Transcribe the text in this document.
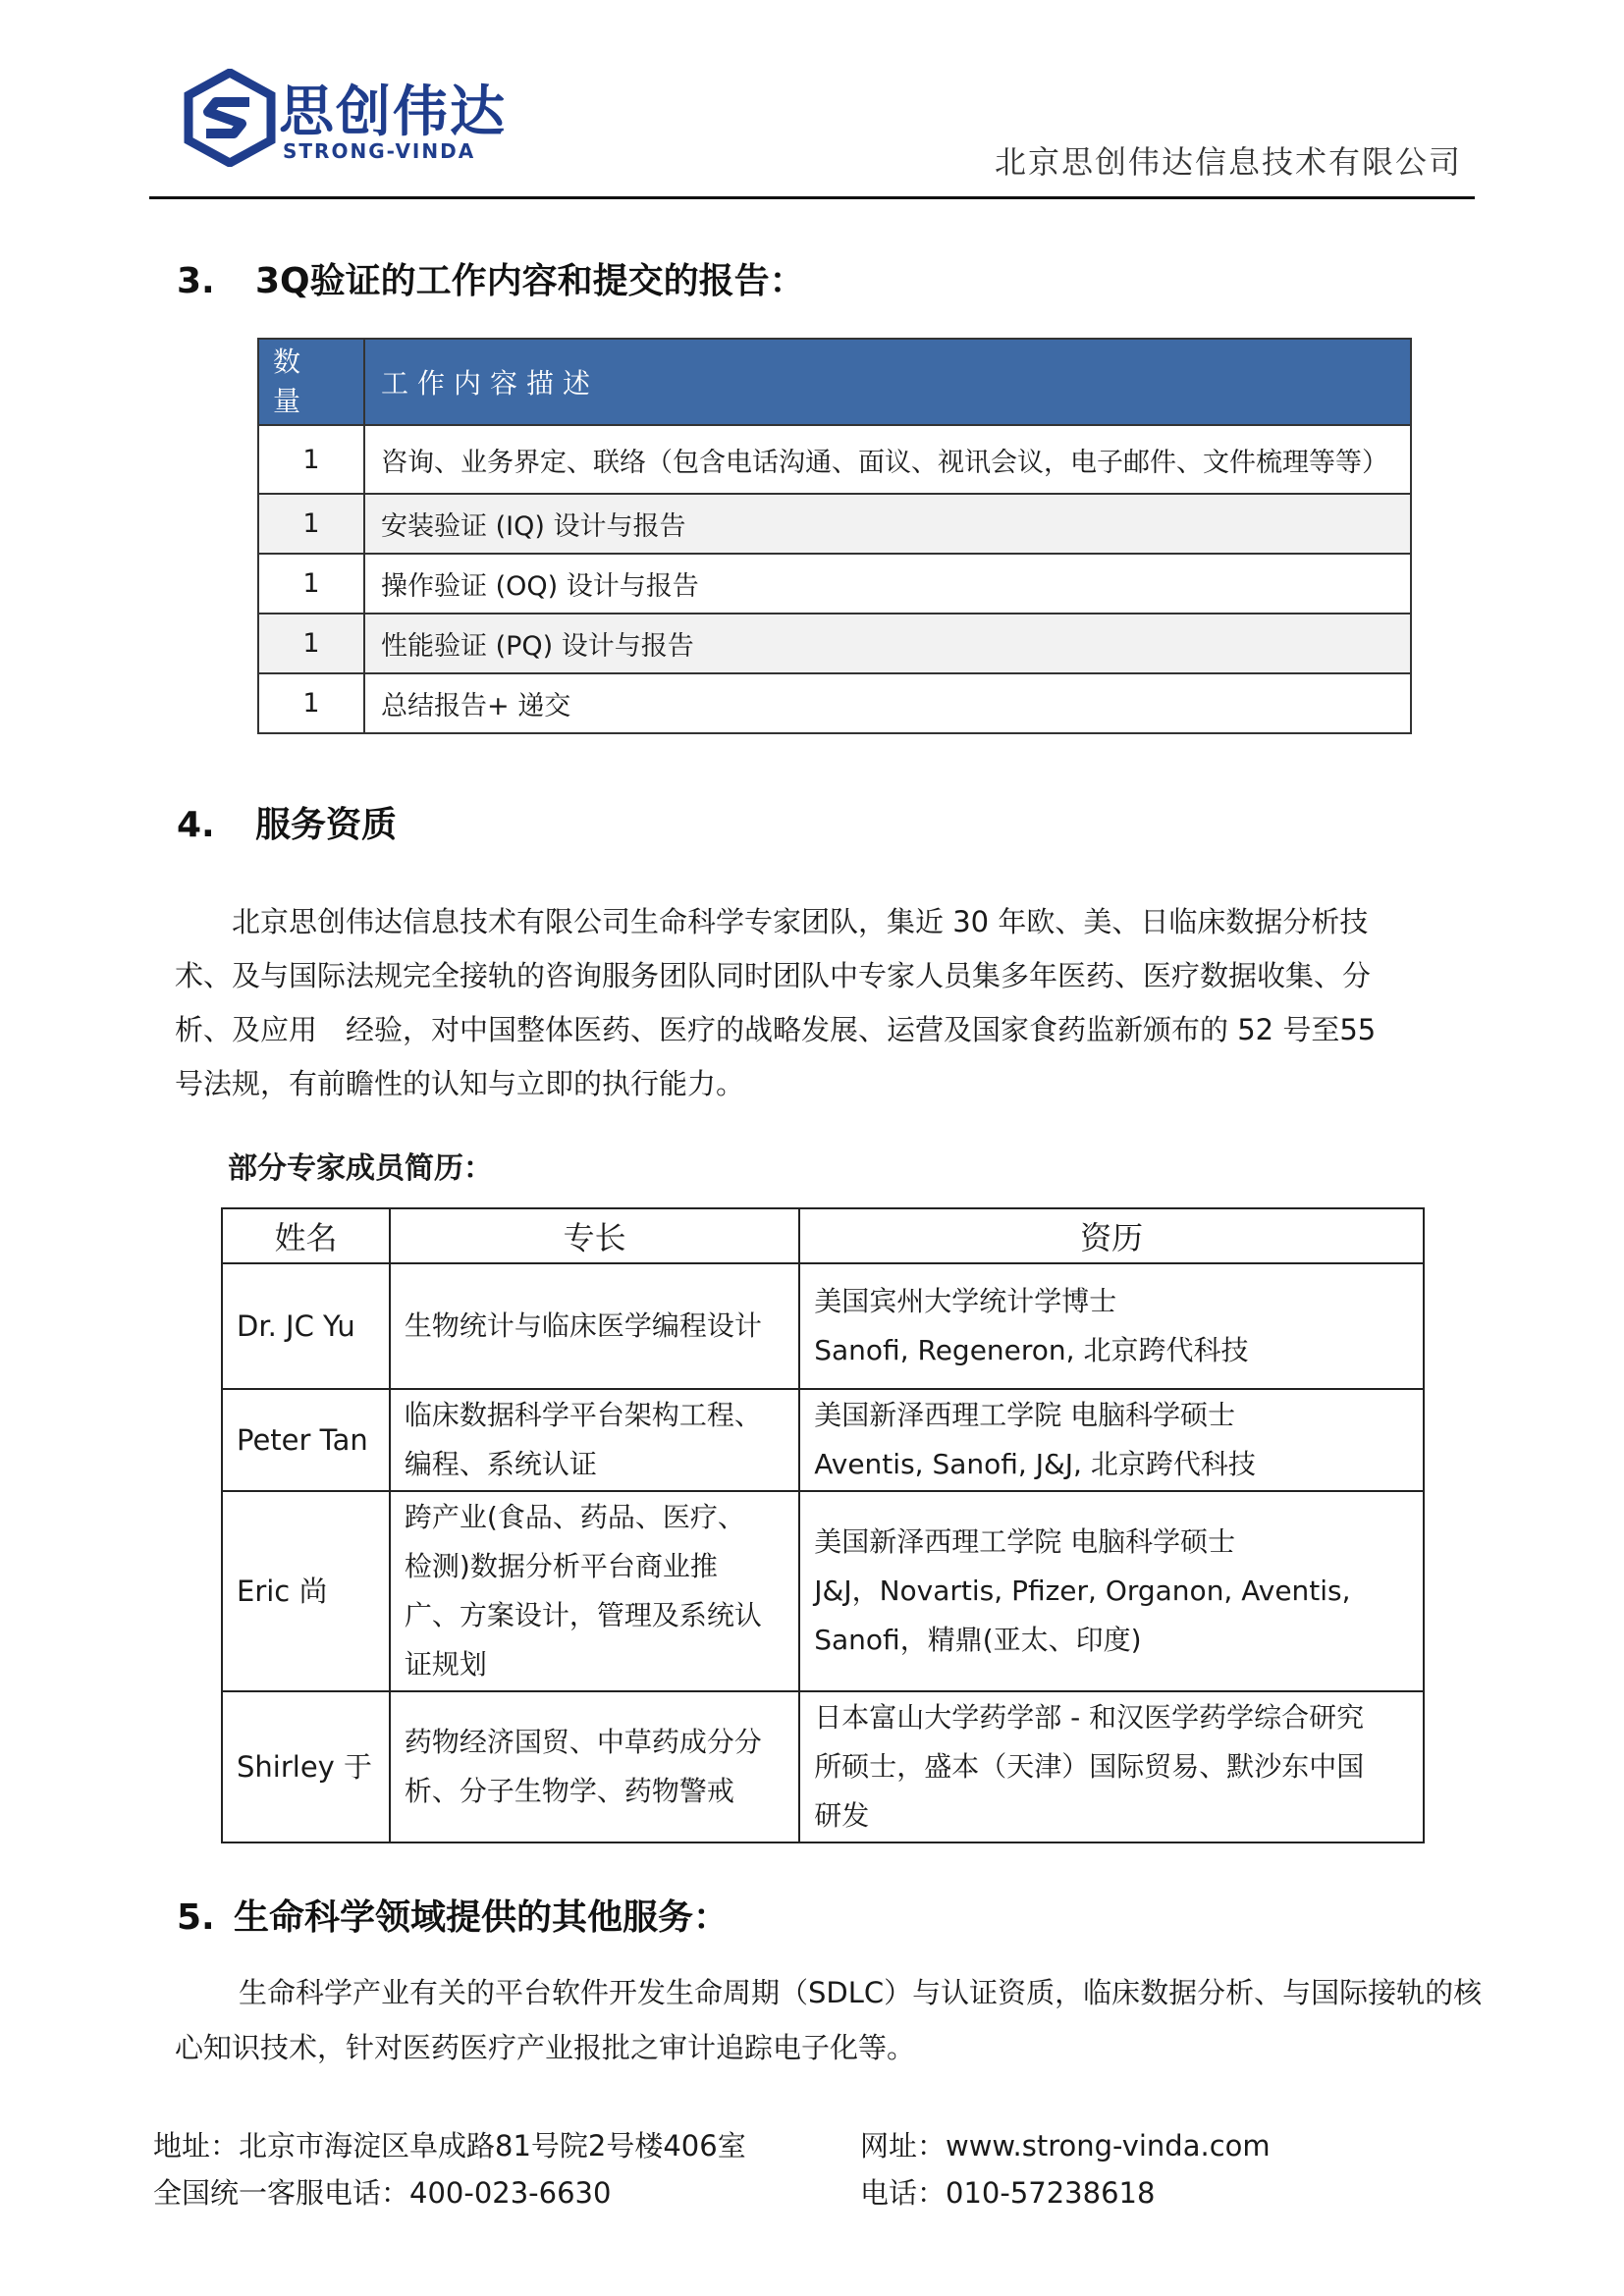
思创伟达
STRONG-VINDA	北京思创伟达信息技术有限公司
3. 3Q验证的工作内容和提交的报告：
数
量	工作内容描述
1	咨询、业务界定、联络（包含电话沟通、面议、视讯会议，电子邮件、文件梳理等等）
1	安装验证 (IQ) 设计与报告
1	操作验证 (OQ) 设计与报告
1	性能验证 (PQ) 设计与报告
1	总结报告+ 递交
4. 服务资质
北京思创伟达信息技术有限公司生命科学专家团队，集近 30 年欧、美、日临床数据分析技
术、及与国际法规完全接轨的咨询服务团队同时团队中专家人员集多年医药、医疗数据收集、分
析、及应用　经验，对中国整体医药、医疗的战略发展、运营及国家食药监新颁布的 52 号至55
号法规，有前瞻性的认知与立即的执行能力。
部分专家成员简历：
姓名	专长	资历
Dr. JC Yu	生物统计与临床医学编程设计	美国宾州大学统计学博士
Sanofi, Regeneron, 北京跨代科技

Peter Tan	临床数据科学平台架构工程、
编程、系统认证	美国新泽西理工学院 电脑科学硕士
Aventis, Sanofi, J&J, 北京跨代科技

Eric 尚	跨产业(食品、药品、医疗、
检测)数据分析平台商业推
广、方案设计，管理及系统认
证规划	美国新泽西理工学院 电脑科学硕士
J&J，Novartis, Pfizer, Organon, Aventis,
Sanofi，精鼎(亚太、印度)

Shirley 于	药物经济国贸、中草药成分分
析、分子生物学、药物警戒	日本富山大学药学部 - 和汉医学药学综合研究
所硕士，盛本（天津）国际贸易、默沙东中国
研发
5. 生命科学领域提供的其他服务：
　生命科学产业有关的平台软件开发生命周期（SDLC）与认证资质，临床数据分析、与国际接轨的核
心知识技术，针对医药医疗产业报批之审计追踪电子化等。
地址：北京市海淀区阜成路81号院2号楼406室
全国统一客服电话：400-023-6630
网址：www.strong-vinda.com
电话：010-57238618
